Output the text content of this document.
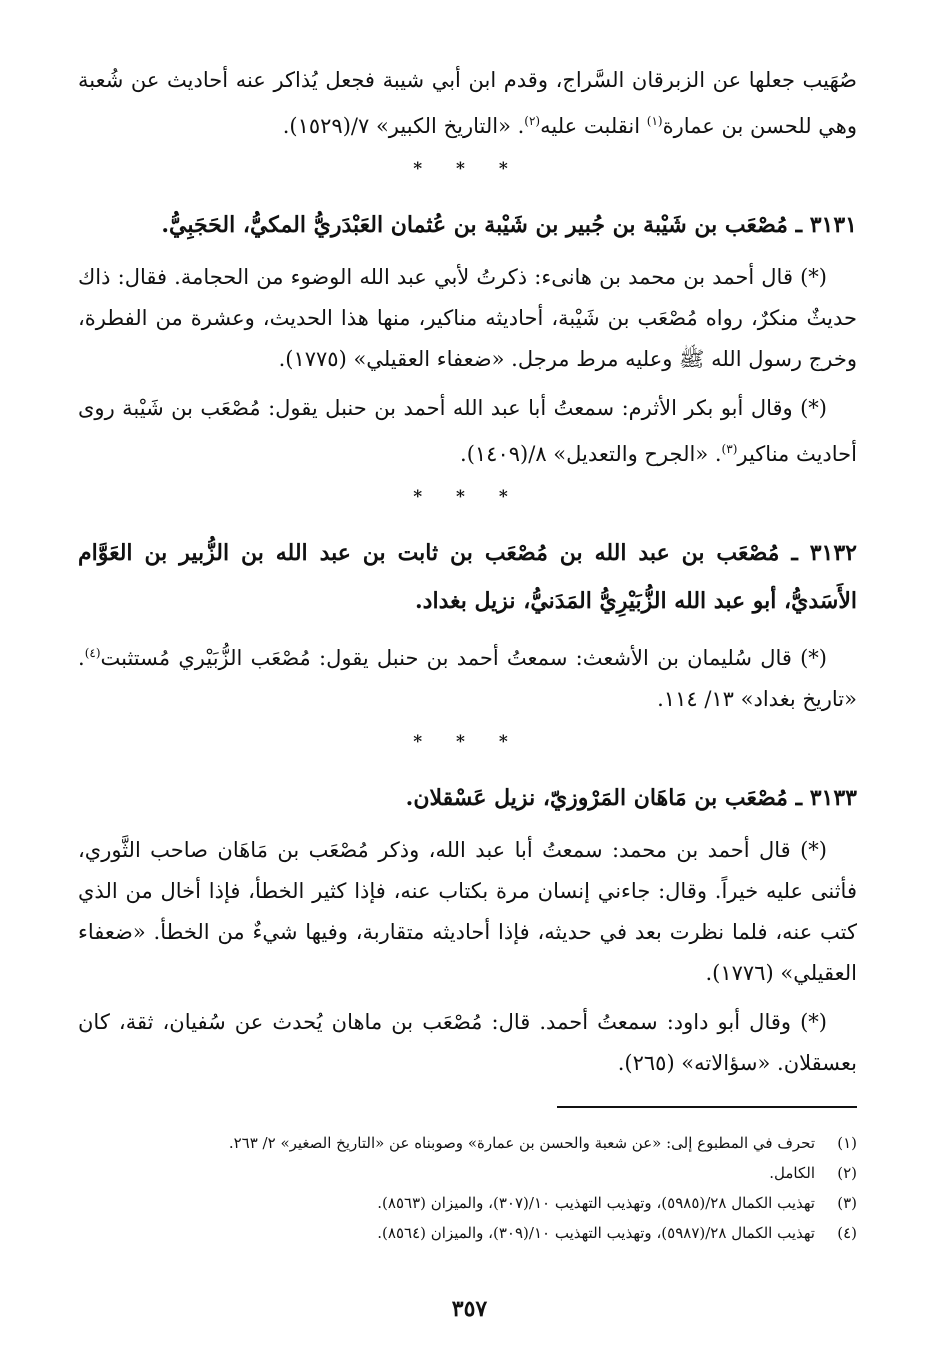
صُهَيب جعلها عن الزبرقان السَّراج، وقدم ابن أبي شيبة فجعل يُذاكر عنه أحاديث عن شُعبة وهي للحسن بن عمارة$^{(١)}$ انقلبت عليه$^{(٢)}$. «التاريخ الكبير» ٧/(١٥٢٩).

* * *

٣١٣١ ـ مُصْعَب بن شَيْبة بن جُبير بن شَيْبة بن عُثمان العَبْدَريُّ المكيُّ، الحَجَبِيُّ.

(*) قال أحمد بن محمد بن هانىء: ذكرتُ لأبي عبد الله الوضوء من الحجامة. فقال: ذاك حديثٌ منكرٌ، رواه مُصْعَب بن شَيْبة، أحاديثه مناكير، منها هذا الحديث، وعشرة من الفطرة، وخرج رسول الله ﷺ وعليه مرط مرجل. «ضعفاء العقيلي» (١٧٧٥).

(*) وقال أبو بكر الأثرم: سمعتُ أبا عبد الله أحمد بن حنبل يقول: مُصْعَب بن شَيْبة روى أحاديث مناكير$^{(٣)}$. «الجرح والتعديل» ٨/(١٤٠٩).

* * *

٣١٣٢ ـ مُصْعَب بن عبد الله بن مُصْعَب بن ثابت بن عبد الله بن الزُّبير بن العَوَّام الأَسَديُّ، أبو عبد الله الزُّبَيْرِيُّ المَدَنيُّ، نزيل بغداد.

(*) قال سُليمان بن الأشعث: سمعتُ أحمد بن حنبل يقول: مُصْعَب الزُّبَيْري مُستثبت$^{(٤)}$. «تاريخ بغداد» ١٣/ ١١٤.

* * *

٣١٣٣ ـ مُصْعَب بن مَاهَان المَرْوزيّ، نزيل عَسْقلان.

(*) قال أحمد بن محمد: سمعتُ أبا عبد الله، وذكر مُصْعَب بن مَاهَان صاحب الثَّوري، فأثنى عليه خيراً. وقال: جاءني إنسان مرة بكتاب عنه، فإذا كثير الخطأ، فإذا أخال من الذي كتب عنه، فلما نظرت بعد في حديثه، فإذا أحاديثه متقاربة، وفيها شيءٌ من الخطأ. «ضعفاء العقيلي» (١٧٧٦).

(*) وقال أبو داود: سمعتُ أحمد. قال: مُصْعَب بن ماهان يُحدث عن سُفيان، ثقة، كان بعسقلان. «سؤالاته» (٢٦٥).

(١)
تحرف في المطبوع إلى: «عن شعبة والحسن بن عمارة» وصوبناه عن «التاريخ الصغير» ٢/ ٢٦٣.
(٢)
الكامل.
(٣)
تهذيب الكمال ٢٨/(٥٩٨٥)، وتهذيب التهذيب ١٠/(٣٠٧)، والميزان (٨٥٦٣).
(٤)
تهذيب الكمال ٢٨/(٥٩٨٧)، وتهذيب التهذيب ١٠/(٣٠٩)، والميزان (٨٥٦٤).
٣٥٧
